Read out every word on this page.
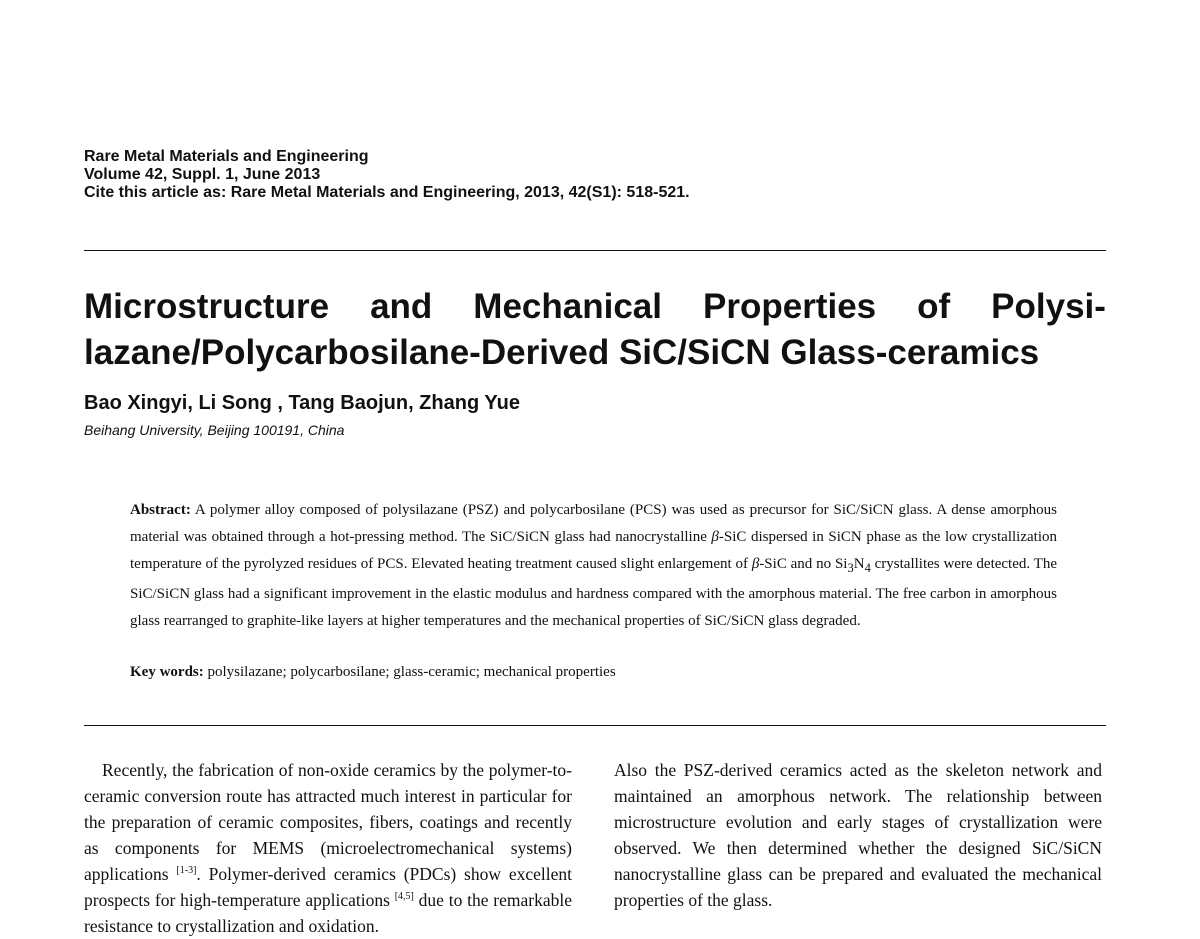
Rare Metal Materials and Engineering
Volume 42, Suppl. 1, June 2013
Cite this article as: Rare Metal Materials and Engineering, 2013, 42(S1): 518-521.
Microstructure and Mechanical Properties of Polysi-
lazane/Polycarbosilane-Derived SiC/SiCN Glass-ceramics
Bao Xingyi, Li Song , Tang Baojun, Zhang Yue
Beihang University, Beijing 100191, China

Abstract: A polymer alloy composed of polysilazane (PSZ) and polycarbosilane (PCS) was used as precursor for SiC/SiCN glass. A dense amorphous material was obtained through a hot-pressing method. The SiC/SiCN glass had nanocrystalline β-SiC dispersed in SiCN phase as the low crystallization temperature of the pyrolyzed residues of PCS. Elevated heating treatment caused slight enlargement of β-SiC and no $Si_3N_4$ crystallites were detected. The SiC/SiCN glass had a significant improvement in the elastic modulus and hardness compared with the amorphous material. The free carbon in amorphous glass rearranged to graphite-like layers at higher temperatures and the mechanical properties of SiC/SiCN glass degraded.

Key words: polysilazane; polycarbosilane; glass-ceramic; mechanical properties

Recently, the fabrication of non-oxide ceramics by the polymer-to-ceramic conversion route has attracted much interest in particular for the preparation of ceramic composites, fibers, coatings and recently as components for MEMS (microelectromechanical systems) applications [1-3]. Polymer-derived ceramics (PDCs) show excellent prospects for high-temperature applications [4,5] due to the remarkable resistance to crystallization and oxidation.

Also the PSZ-derived ceramics acted as the skeleton network and maintained an amorphous network. The relationship between microstructure evolution and early stages of crystallization were observed. We then determined whether the designed SiC/SiCN nanocrystalline glass can be prepared and evaluated the mechanical properties of the glass.
